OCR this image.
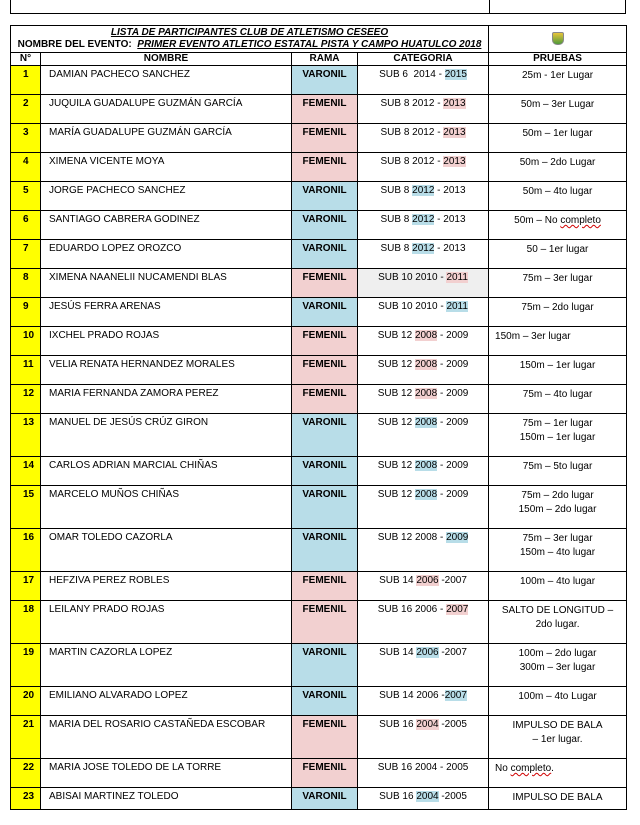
LISTA DE PARTICIPANTES CLUB DE ATLETISMO CESEEO
NOMBRE DEL EVENTO: PRIMER EVENTO ATLETICO ESTATAL PISTA Y CAMPO HUATULCO 2018				

N°	NOMBRE	RAMA	CATEGORIA	PRUEBAS
1	DAMIAN PACHECO SANCHEZ	VARONIL	SUB 6  2014 - 2015	25m - 1er Lugar

2	JUQUILA GUADALUPE GUZMÁN GARCÍA	FEMENIL	SUB 8 2012 - 2013	50m – 3er Lugar

3	MARÍA GUADALUPE GUZMÁN GARCÍA	FEMENIL	SUB 8 2012 - 2013	50m – 1er lugar

4	XIMENA VICENTE MOYA	FEMENIL	SUB 8 2012 - 2013	50m – 2do Lugar

5	JORGE PACHECO SANCHEZ	VARONIL	SUB 8 2012 - 2013	50m – 4to lugar

6	SANTIAGO CABRERA GODINEZ	VARONIL	SUB 8 2012 - 2013	50m – No completo

7	EDUARDO LOPEZ OROZCO	VARONIL	SUB 8 2012 - 2013	50 – 1er lugar

8	XIMENA NAANELII NUCAMENDI BLAS	FEMENIL	SUB 10 2010 - 2011	75m – 3er lugar

9	JESÚS FERRA ARENAS	VARONIL	SUB 10 2010 - 2011	75m – 2do lugar

10	IXCHEL PRADO ROJAS	FEMENIL	SUB 12 2008 - 2009	150m – 3er lugar

11	VELIA RENATA HERNANDEZ MORALES	FEMENIL	SUB 12 2008 - 2009	150m – 1er lugar

12	MARIA FERNANDA ZAMORA PEREZ	FEMENIL	SUB 12 2008 - 2009	75m – 4to lugar

13	MANUEL DE JESÚS CRÚZ GIRON	VARONIL	SUB 12 2008 - 2009	75m – 1er lugar
150m – 1er lugar

14	CARLOS ADRIAN MARCIAL CHIÑAS	VARONIL	SUB 12 2008 - 2009	75m – 5to lugar

15	MARCELO MUÑOS CHIÑAS	VARONIL	SUB 12 2008 - 2009	75m – 2do lugar
150m – 2do lugar

16	OMAR TOLEDO CAZORLA	VARONIL	SUB 12 2008 - 2009	75m – 3er lugar
150m – 4to lugar

17	HEFZIVA PEREZ ROBLES	FEMENIL	SUB 14 2006 -2007	100m – 4to lugar

18	LEILANY PRADO ROJAS	FEMENIL	SUB 16 2006 - 2007	SALTO DE LONGITUD –
2do lugar.

19	MARTIN CAZORLA LOPEZ	VARONIL	SUB 14 2006 -2007	100m – 2do lugar
300m – 3er lugar

20	EMILIANO ALVARADO LOPEZ	VARONIL	SUB 14 2006 -2007	100m – 4to Lugar

21	MARIA DEL ROSARIO CASTAÑEDA ESCOBAR	FEMENIL	SUB 16 2004 -2005	IMPULSO DE BALA
– 1er lugar.

22	MARIA JOSE TOLEDO DE LA TORRE	FEMENIL	SUB 16 2004 - 2005	No completo.

23	ABISAI MARTINEZ TOLEDO	VARONIL	SUB 16 2004 -2005	IMPULSO DE BALA
